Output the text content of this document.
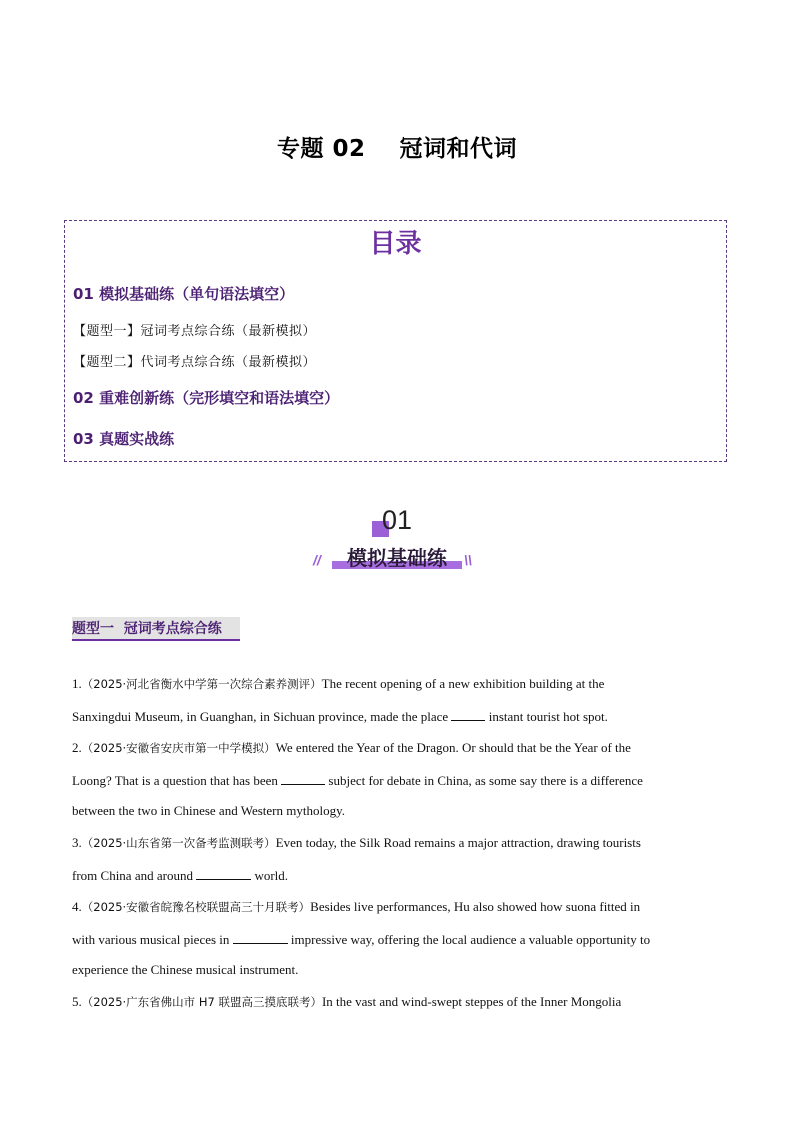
专题 02    冠词和代词
目录
01 模拟基础练（单句语法填空）
【题型一】冠词考点综合练（最新模拟）
【题型二】代词考点综合练（最新模拟）
02 重难创新练（完形填空和语法填空）
03 真题实战练
01
//	\\
模拟基础练
题型一  冠词考点综合练
1.（2025·河北省衡水中学第一次综合素养测评）The recent opening of a new exhibition building at the
Sanxingdui Museum, in Guanghan, in Sichuan province, made the place	instant tourist hot spot.
2.（2025·安徽省安庆市第一中学模拟）We entered the Year of the Dragon. Or should that be the Year of the
Loong? That is a question that has been	subject for debate in China, as some say there is a difference
between the two in Chinese and Western mythology.
3.（2025·山东省第一次备考监测联考）Even today, the Silk Road remains a major attraction, drawing tourists
from China and around	world.
4.（2025·安徽省皖豫名校联盟高三十月联考）Besides live performances, Hu also showed how suona fitted in
with various musical pieces in	impressive way, offering the local audience a valuable opportunity to
experience the Chinese musical instrument.
5.（2025·广东省佛山市 H7 联盟高三摸底联考）In the vast and wind-swept steppes of the Inner Mongolia
